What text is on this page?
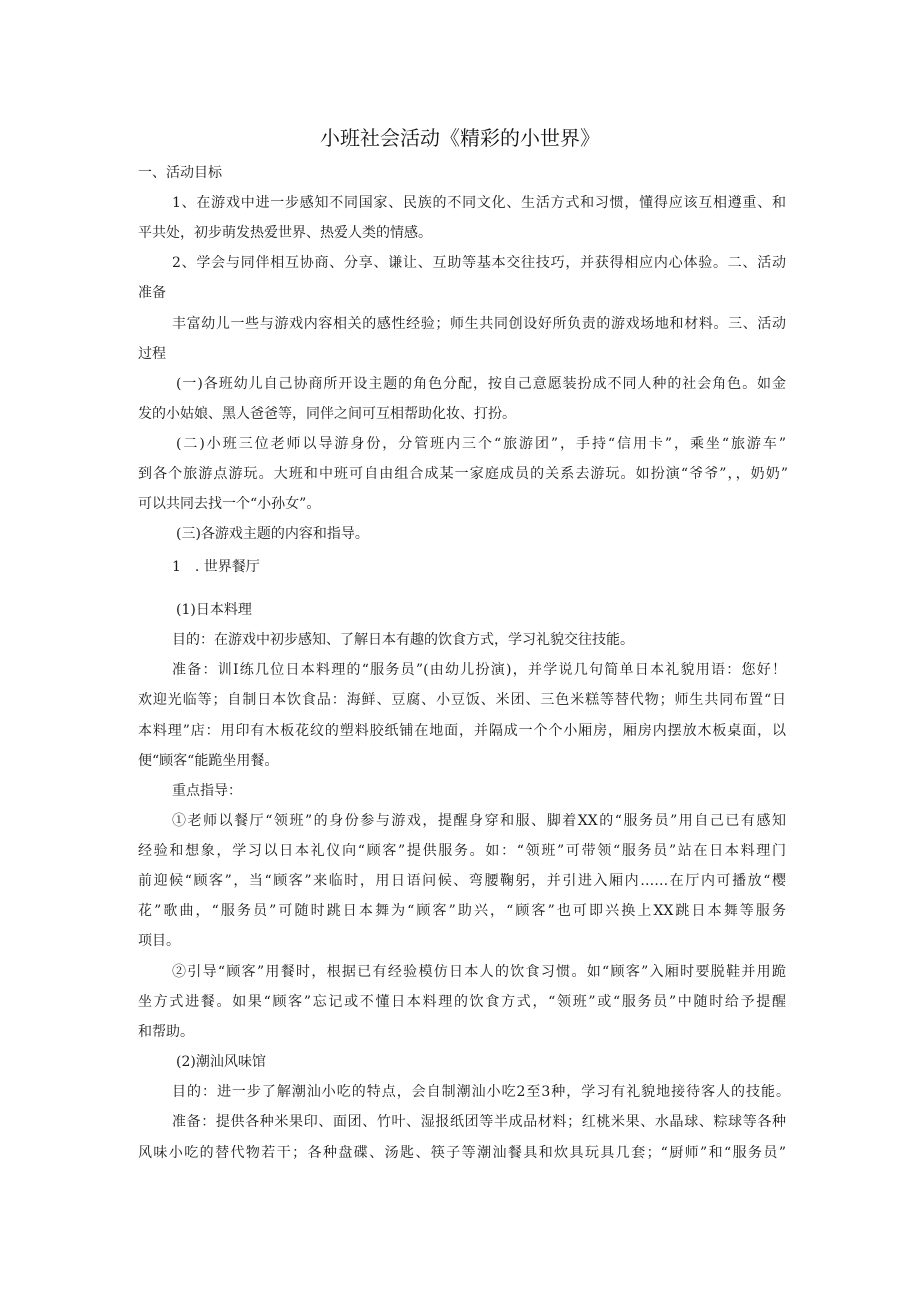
小班社会活动《精彩的小世界》
一、活动目标
1、在游戏中进一步感知不同国家、民族的不同文化、生活方式和习惯，懂得应该互相遵重、和
平共处，初步萌发热爱世界、热爱人类的情感。
2、学会与同伴相互协商、分享、谦让、互助等基本交往技巧，并获得相应内心体验。二、活动
准备
丰富幼儿一些与游戏内容相关的感性经验；师生共同创设好所负责的游戏场地和材料。三、活动
过程
(一)各班幼儿自己协商所开设主题的角色分配，按自己意愿装扮成不同人种的社会角色。如金
发的小姑娘、黑人爸爸等，同伴之间可互相帮助化妆、打扮。
(二)小班三位老师以导游身份，分管班内三个“旅游团”，手持“信用卡”，乘坐“旅游车”
到各个旅游点游玩。大班和中班可自由组合成某一家庭成员的关系去游玩。如扮演“爷爷”，，奶奶”
可以共同去找一个“小孙女”。
(三)各游戏主题的内容和指导。
1　. 世界餐厅
(1)日本料理
目的：在游戏中初步感知、了解日本有趣的饮食方式，学习礼貌交往技能。
准备：训I练几位日本料理的“服务员”(由幼儿扮演)，并学说几句简单日本礼貌用语：您好！
欢迎光临等；自制日本饮食品：海鲜、豆腐、小豆饭、米团、三色米糕等替代物；师生共同布置“日
本料理”店：用印有木板花纹的塑料胶纸铺在地面，并隔成一个个小厢房，厢房内摆放木板桌面，以
便“顾客“能跪坐用餐。
重点指导：
①老师以餐厅“领班”的身份参与游戏，提醒身穿和服、脚着XX的“服务员”用自己已有感知
经验和想象，学习以日本礼仪向“顾客”提供服务。如：“领班”可带领“服务员”站在日本料理门
前迎候“顾客”，当“顾客”来临时，用日语问候、弯腰鞠躬，并引进入厢内……在厅内可播放“樱
花”歌曲，“服务员”可随时跳日本舞为“顾客”助兴，“顾客”也可即兴换上XX跳日本舞等服务
项目。
②引导“顾客”用餐时，根据已有经验模仿日本人的饮食习惯。如“顾客”入厢时要脱鞋并用跪
坐方式进餐。如果“顾客”忘记或不懂日本料理的饮食方式，“领班”或“服务员”中随时给予提醒
和帮助。
(2)潮汕风味馆
目的：进一步了解潮汕小吃的特点，会自制潮汕小吃2至3种，学习有礼貌地接待客人的技能。
准备：提供各种米果印、面团、竹叶、湿报纸团等半成品材料；红桃米果、水晶球、粽球等各种
风味小吃的替代物若干；各种盘碟、汤匙、筷子等潮汕餐具和炊具玩具几套；“厨师”和“服务员”
